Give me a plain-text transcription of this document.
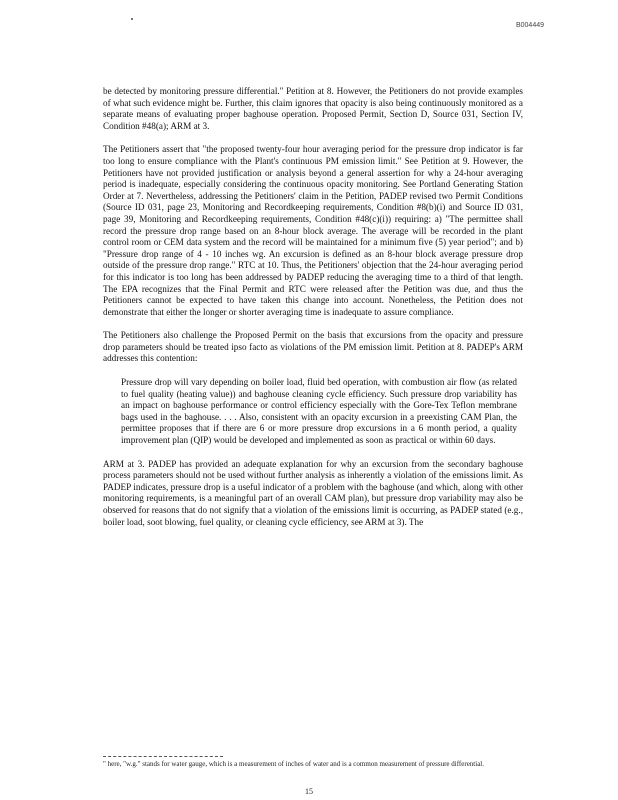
B004449

be detected by monitoring pressure differential." Petition at 8. However, the Petitioners do not provide examples of what such evidence might be. Further, this claim ignores that opacity is also being continuously monitored as a separate means of evaluating proper baghouse operation. Proposed Permit, Section D, Source 031, Section IV, Condition #48(a); ARM at 3.

The Petitioners assert that "the proposed twenty-four hour averaging period for the pressure drop indicator is far too long to ensure compliance with the Plant's continuous PM emission limit." See Petition at 9. However, the Petitioners have not provided justification or analysis beyond a general assertion for why a 24-hour averaging period is inadequate, especially considering the continuous opacity monitoring. See Portland Generating Station Order at 7. Nevertheless, addressing the Petitioners' claim in the Petition, PADEP revised two Permit Conditions (Source ID 031, page 23, Monitoring and Recordkeeping requirements, Condition #8(b)(i) and Source ID 031, page 39, Monitoring and Recordkeeping requirements, Condition #48(c)(i)) requiring: a) "The permittee shall record the pressure drop range based on an 8-hour block average. The average will be recorded in the plant control room or CEM data system and the record will be maintained for a minimum five (5) year period"; and b) "Pressure drop range of 4 - 10 inches wg. An excursion is defined as an 8-hour block average pressure drop outside of the pressure drop range." RTC at 10. Thus, the Petitioners' objection that the 24-hour averaging period for this indicator is too long has been addressed by PADEP reducing the averaging time to a third of that length. The EPA recognizes that the Final Permit and RTC were released after the Petition was due, and thus the Petitioners cannot be expected to have taken this change into account. Nonetheless, the Petition does not demonstrate that either the longer or shorter averaging time is inadequate to assure compliance.

The Petitioners also challenge the Proposed Permit on the basis that excursions from the opacity and pressure drop parameters should be treated ipso facto as violations of the PM emission limit. Petition at 8. PADEP's ARM addresses this contention:

Pressure drop will vary depending on boiler load, fluid bed operation, with combustion air flow (as related to fuel quality (heating value)) and baghouse cleaning cycle efficiency. Such pressure drop variability has an impact on baghouse performance or control efficiency especially with the Gore-Tex Teflon membrane bags used in the baghouse. . . . Also, consistent with an opacity excursion in a preexisting CAM Plan, the permittee proposes that if there are 6 or more pressure drop excursions in a 6 month period, a quality improvement plan (QIP) would be developed and implemented as soon as practical or within 60 days.

ARM at 3. PADEP has provided an adequate explanation for why an excursion from the secondary baghouse process parameters should not be used without further analysis as inherently a violation of the emissions limit. As PADEP indicates, pressure drop is a useful indicator of a problem with the baghouse (and which, along with other monitoring requirements, is a meaningful part of an overall CAM plan), but pressure drop variability may also be observed for reasons that do not signify that a violation of the emissions limit is occurring, as PADEP stated (e.g., boiler load, soot blowing, fuel quality, or cleaning cycle efficiency, see ARM at 3). The

" here, "w.g." stands for water gauge, which is a measurement of inches of water and is a common measurement of pressure differential.
15
